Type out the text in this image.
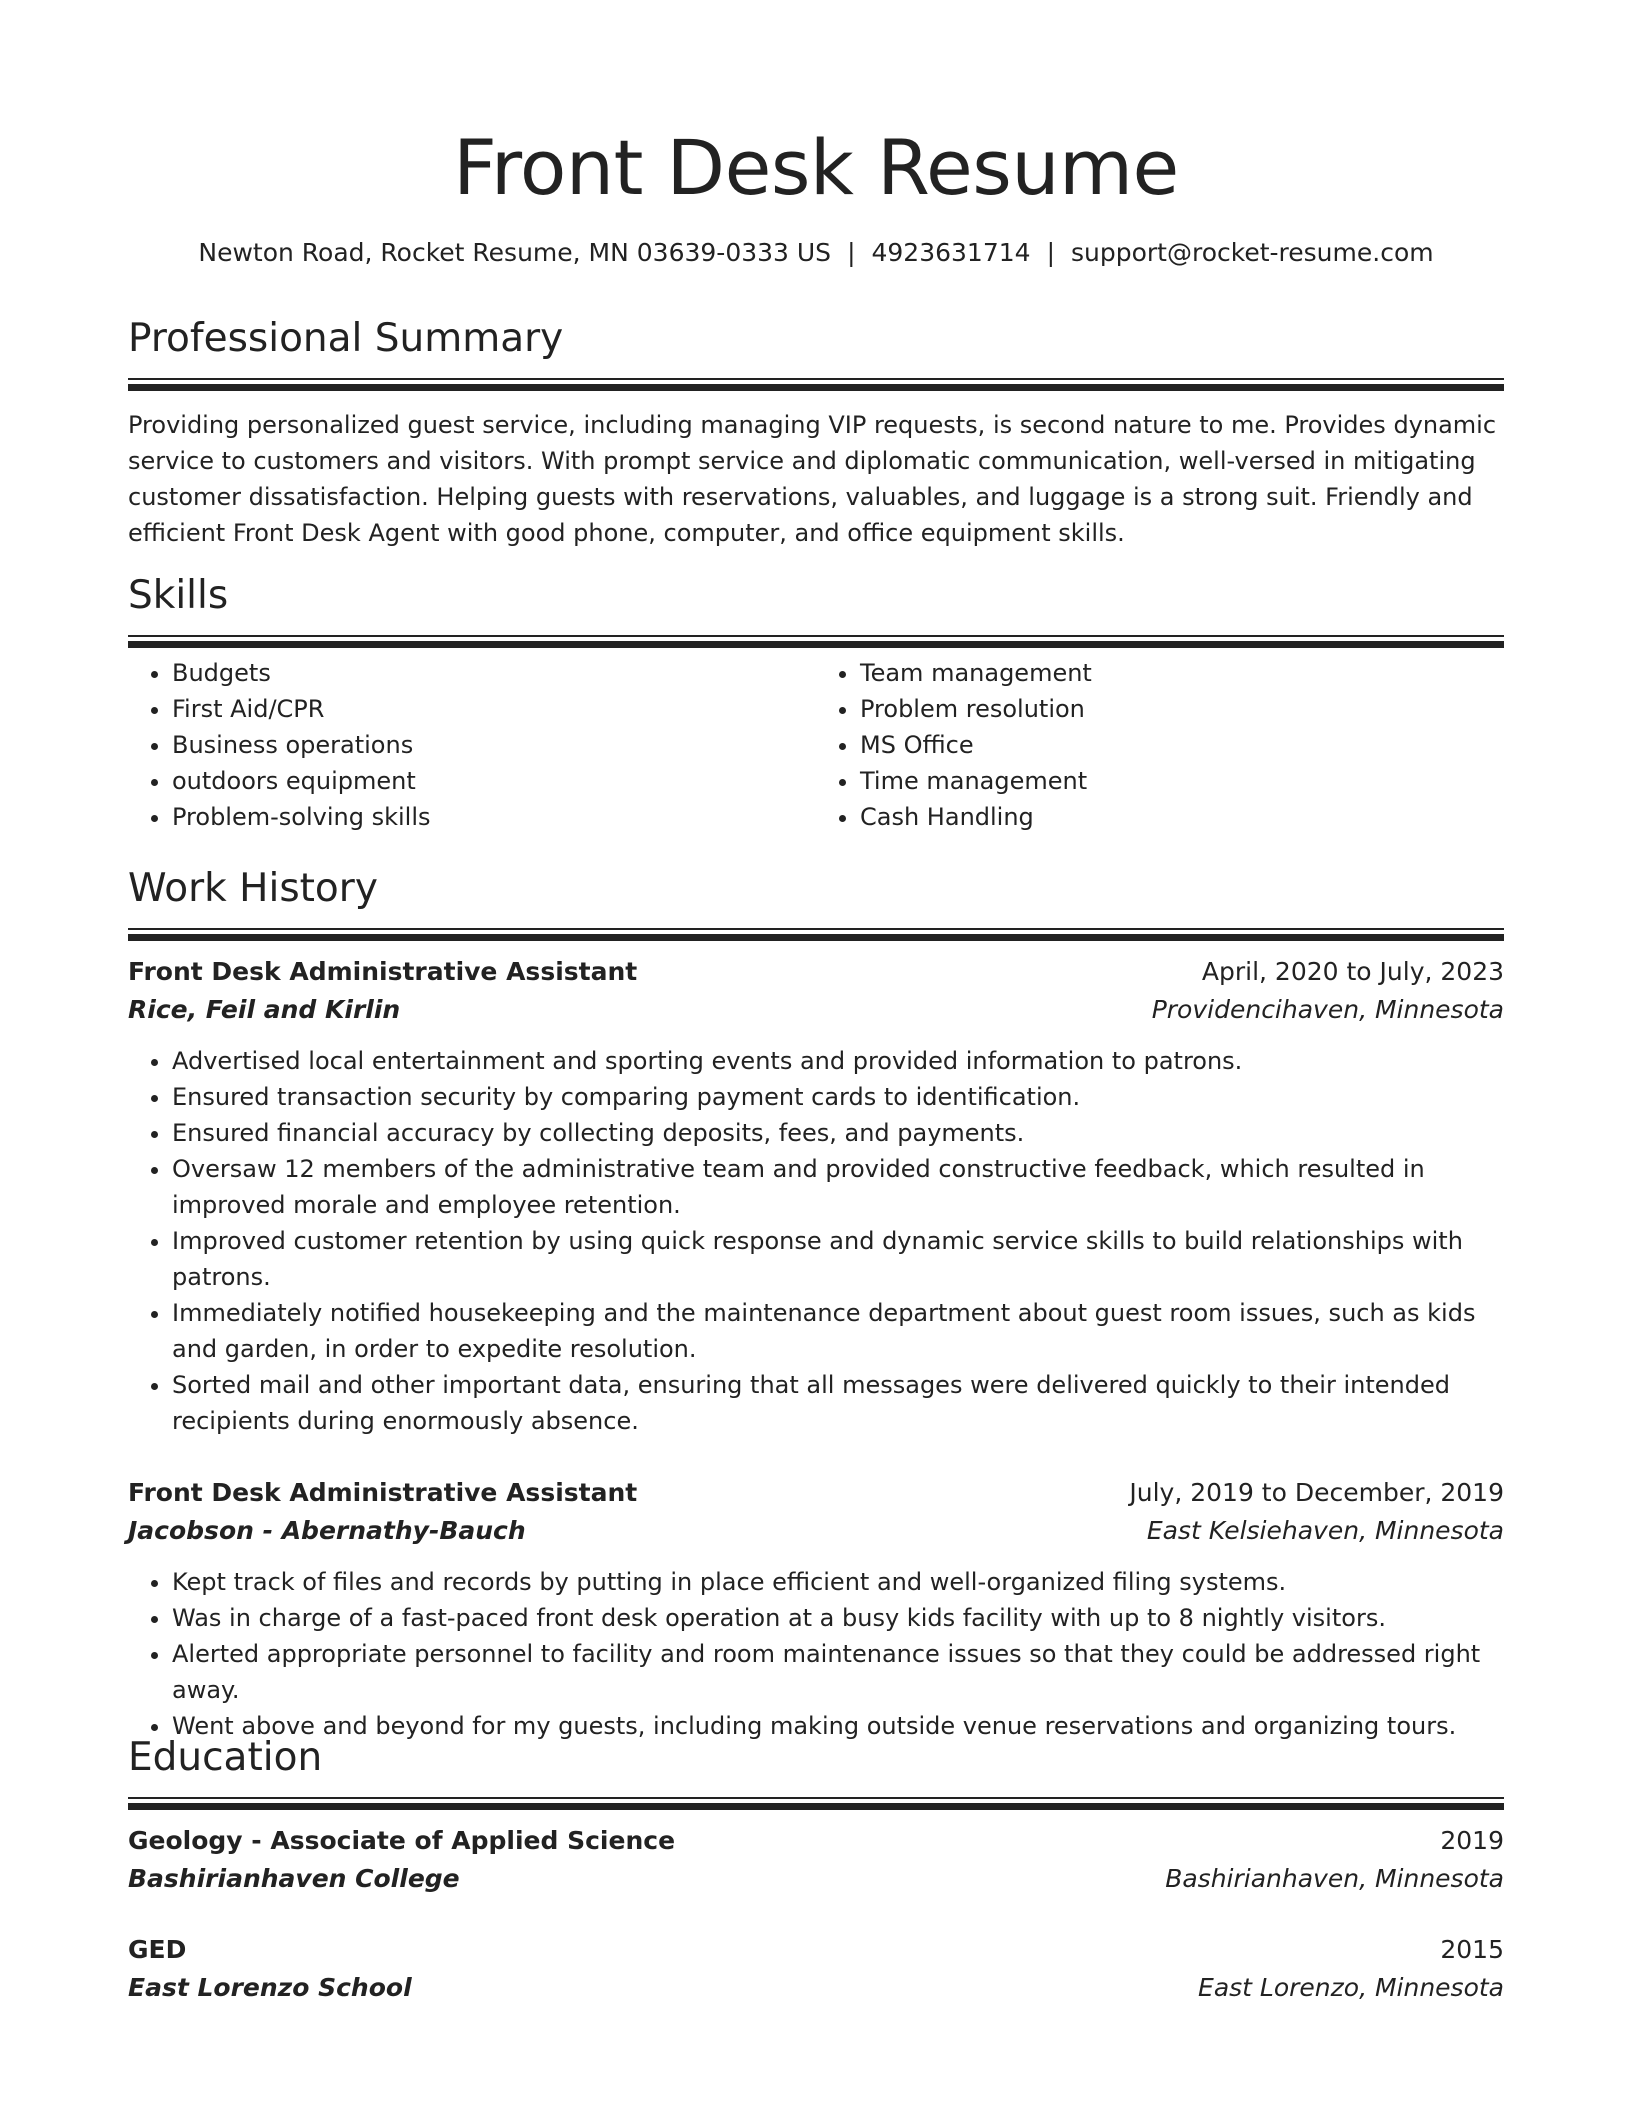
Front Desk Resume
Newton Road, Rocket Resume, MN 03639-0333 US | 4923631714 | support@rocket-resume.com
Professional Summary
Providing personalized guest service, including managing VIP requests, is second nature to me. Provides dynamic service to customers and visitors. With prompt service and diplomatic communication, well-versed in mitigating customer dissatisfaction. Helping guests with reservations, valuables, and luggage is a strong suit. Friendly and efficient Front Desk Agent with good phone, computer, and office equipment skills.
Skills
• Budgets
• First Aid/CPR
• Business operations
• outdoors equipment
• Problem-solving skills
• Team management
• Problem resolution
• MS Office
• Time management
• Cash Handling
Work History
Front Desk Administrative Assistant	April, 2020 to July, 2023
Rice, Feil and Kirlin	Providencihaven, Minnesota
• Advertised local entertainment and sporting events and provided information to patrons.
• Ensured transaction security by comparing payment cards to identification.
• Ensured financial accuracy by collecting deposits, fees, and payments.
• Oversaw 12 members of the administrative team and provided constructive feedback, which resulted in improved morale and employee retention.
• Improved customer retention by using quick response and dynamic service skills to build relationships with patrons.
• Immediately notified housekeeping and the maintenance department about guest room issues, such as kids and garden, in order to expedite resolution.
• Sorted mail and other important data, ensuring that all messages were delivered quickly to their intended recipients during enormously absence.
Front Desk Administrative Assistant	July, 2019 to December, 2019
Jacobson - Abernathy-Bauch	East Kelsiehaven, Minnesota
• Kept track of files and records by putting in place efficient and well-organized filing systems.
• Was in charge of a fast-paced front desk operation at a busy kids facility with up to 8 nightly visitors.
• Alerted appropriate personnel to facility and room maintenance issues so that they could be addressed right away.
• Went above and beyond for my guests, including making outside venue reservations and organizing tours.
Education
Geology - Associate of Applied Science	2019
Bashirianhaven College	Bashirianhaven, Minnesota
GED	2015
East Lorenzo School	East Lorenzo, Minnesota
